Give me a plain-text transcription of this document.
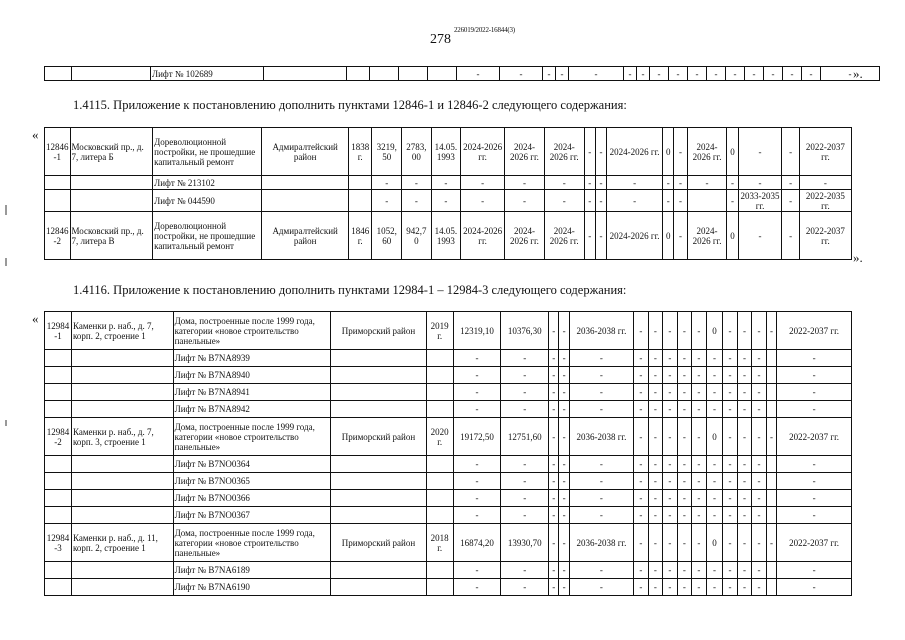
278
226019/2022-16844(3)
		Лифт № 102689						-	-	-	-	-	-	-	-	-	-	-	-	-	-	-	-	- ».
1.4115. Приложение к постановлению дополнить пунктами 12846-1 и 12846-2 следующего содержания:
«
12846 -1	Московский пр., д. 7, литера Б	Дореволюционной постройки, не прошедшие капитальный ремонт	Адмиралтейский район	1838 г.	3219, 50	2783, 00	14.05. 1993	2024-2026 гг.	2024-2026 гг.	2024-2026 гг.	-	-	2024-2026 гг.	0	-	2024-2026 гг.	0	-	-	2022-2037 гг.
		Лифт № 213102			-	-	-	-	-	-	-	-	-	-	-	-	-	-	-	-
		Лифт № 044590			-	-	-	-	-	-	-	-	-	-	-		-	2033-2035 гг.	-	2022-2035 гг.
12846 -2	Московский пр., д. 7, литера В	Дореволюционной постройки, не прошедшие капитальный ремонт	Адмиралтейский район	1846 г.	1052, 60	942,7 0	14.05. 1993	2024-2026 гг.	2024-2026 гг.	2024-2026 гг.	-	-	2024-2026 гг.	0	-	2024-2026 гг.	0	-	-	2022-2037 гг.
».
1.4116. Приложение к постановлению дополнить пунктами 12984-1 – 12984-3 следующего содержания:
« 12984 -1	Каменки р. наб., д. 7, корп. 2, строение 1	Дома, построенные после 1999 года, категории «новое строительство панельные»	Приморский район	2019 г.	12319,10	10376,30	-	-	2036-2038 гг.	-	-	-	-	-	0	-	-	-	-	2022-2037 гг.
		Лифт № B7NA8939			-	-	-	-	-	-	-	-	-	-	-	-	-	-		-
		Лифт № B7NA8940			-	-	-	-	-	-	-	-	-	-	-	-	-	-		-
		Лифт № B7NA8941			-	-	-	-	-	-	-	-	-	-	-	-	-	-		-
		Лифт № B7NA8942			-	-	-	-	-	-	-	-	-	-	-	-	-	-		-
12984 -2	Каменки р. наб., д. 7, корп. 3, строение 1	Дома, построенные после 1999 года, категории «новое строительство панельные»	Приморский район	2020 г.	19172,50	12751,60	-	-	2036-2038 гг.	-	-	-	-	-	0	-	-	-	-	2022-2037 гг.
		Лифт № B7NO0364			-	-	-	-	-	-	-	-	-	-	-	-	-	-		-
		Лифт № B7NO0365			-	-	-	-	-	-	-	-	-	-	-	-	-	-		-
		Лифт № B7NO0366			-	-	-	-	-	-	-	-	-	-	-	-	-	-		-
		Лифт № B7NO0367			-	-	-	-	-	-	-	-	-	-	-	-	-	-		-
12984 -3	Каменки р. наб., д. 11, корп. 2, строение 1	Дома, построенные после 1999 года, категории «новое строительство панельные»	Приморский район	2018 г.	16874,20	13930,70	-	-	2036-2038 гг.	-	-	-	-	-	0	-	-	-	-	2022-2037 гг.
		Лифт № B7NA6189			-	-	-	-	-	-	-	-	-	-	-	-	-	-		-
		Лифт № B7NA6190			-	-	-	-	-	-	-	-	-	-	-	-	-	-		-
